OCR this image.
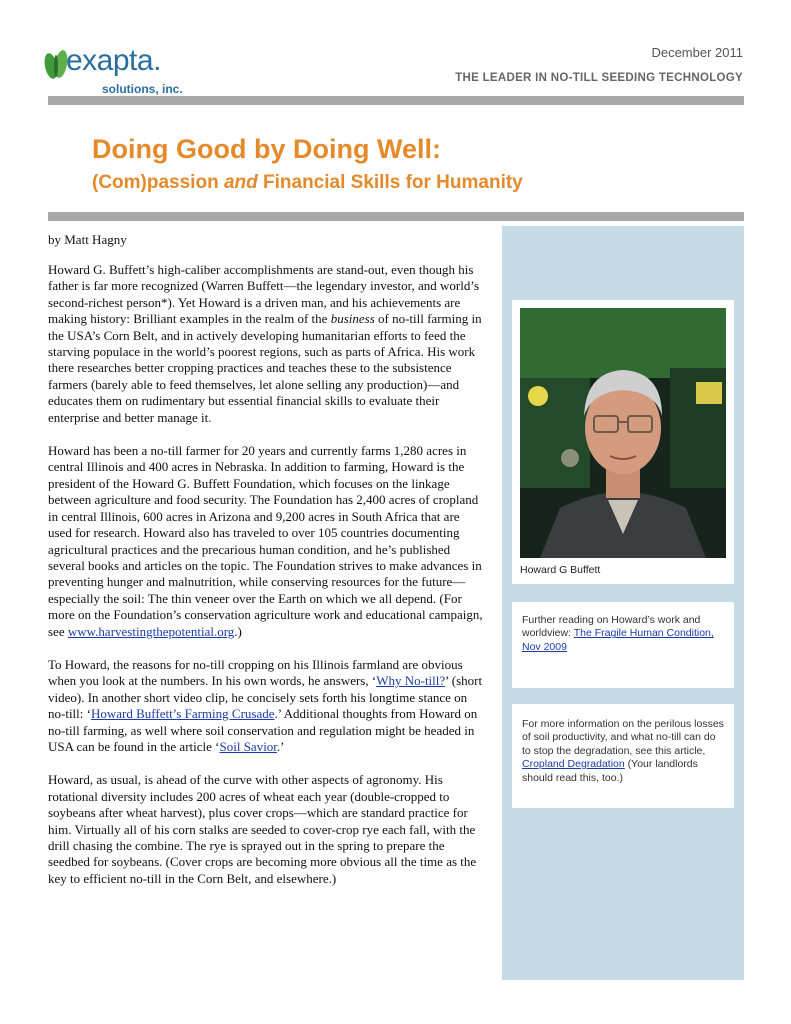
exapta.
solutions, inc.
December 2011
THE LEADER IN NO-TILL SEEDING TECHNOLOGY
Doing Good by Doing Well:
(Com)passion and Financial Skills for Humanity
by Matt Hagny

Howard G. Buffett’s high-caliber accomplishments are stand-out, even though his father is far more recognized (Warren Buffett—the legendary investor, and world’s second-richest person*). Yet Howard is a driven man, and his achievements are making history: Brilliant examples in the realm of the business of no-till farming in the USA’s Corn Belt, and in actively developing humanitarian efforts to feed the starving populace in the world’s poorest regions, such as parts of Africa. His work there researches better cropping practices and teaches these to the subsistence farmers (barely able to feed themselves, let alone selling any production)—and educates them on rudimentary but essential financial skills to evaluate their enterprise and better manage it.

Howard has been a no-till farmer for 20 years and currently farms 1,280 acres in central Illinois and 400 acres in Nebraska. In addition to farming, Howard is the president of the Howard G. Buffett Foundation, which focuses on the linkage between agriculture and food security. The Foundation has 2,400 acres of cropland in central Illinois, 600 acres in Arizona and 9,200 acres in South Africa that are used for research. Howard also has traveled to over 105 countries documenting agricultural practices and the precarious human condition, and he’s published several books and articles on the topic. The Foundation strives to make advances in preventing hunger and malnutrition, while conserving resources for the future—especially the soil: The thin veneer over the Earth on which we all depend. (For more on the Foundation’s conservation agriculture work and educational campaign, see www.harvestingthepotential.org.)

To Howard, the reasons for no-till cropping on his Illinois farmland are obvious when you look at the numbers. In his own words, he answers, ‘Why No-till?’ (short video). In another short video clip, he concisely sets forth his longtime stance on no-till: ‘Howard Buffett’s Farming Crusade.’ Additional thoughts from Howard on no-till farming, as well where soil conservation and regulation might be headed in USA can be found in the article ‘Soil Savior.’

Howard, as usual, is ahead of the curve with other aspects of agronomy. His rotational diversity includes 200 acres of wheat each year (double-cropped to soybeans after wheat harvest), plus cover crops—which are standard practice for him. Virtually all of his corn stalks are seeded to cover-crop rye each fall, with the drill chasing the combine. The rye is sprayed out in the spring to prepare the seedbed for soybeans. (Cover crops are becoming more obvious all the time as the key to efficient no-till in the Corn Belt, and elsewhere.)

Howard G Buffett
Further reading on Howard’s work and worldview: The Fragile Human Condition, Nov 2009
For more information on the perilous losses of soil productivity, and what no-till can do to stop the degradation, see this article, Cropland Degradation (Your landlords should read this, too.)
